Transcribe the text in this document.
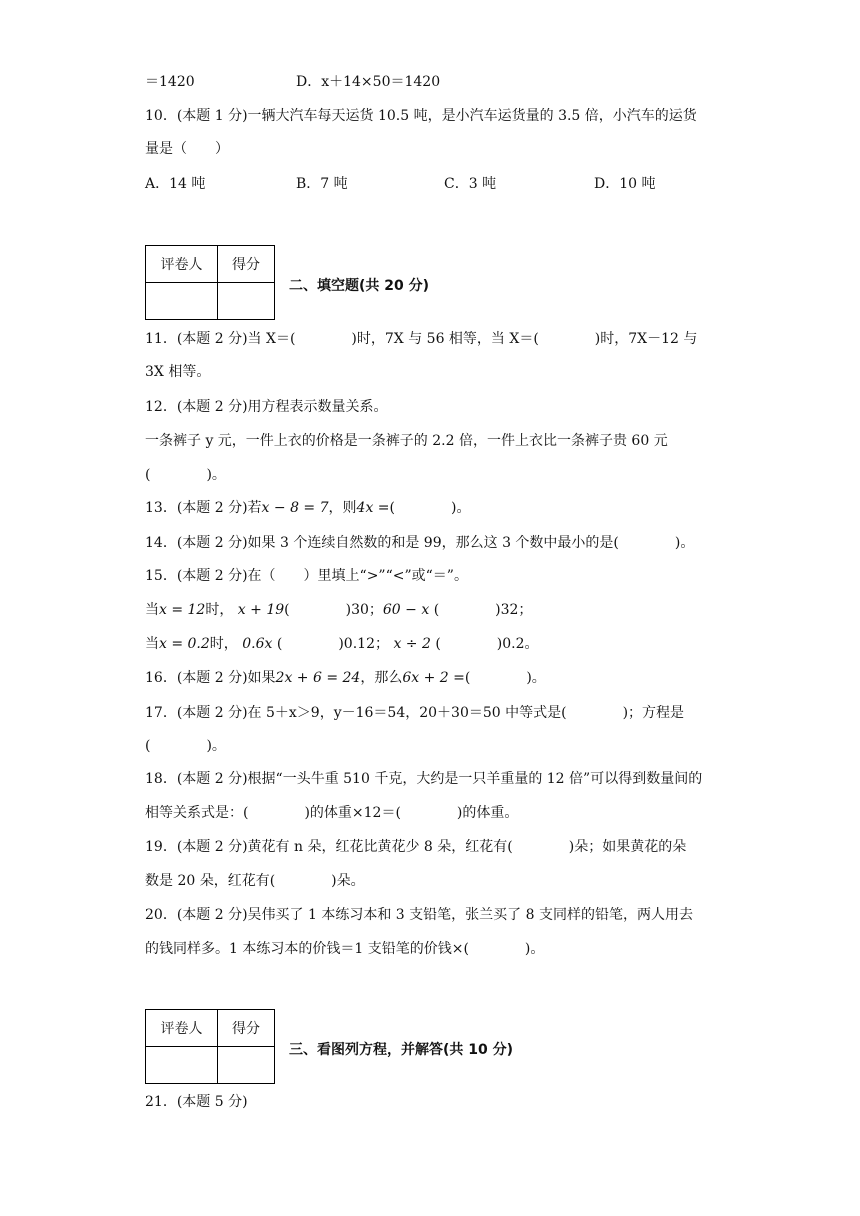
＝1420	D．x＋14×50＝1420
10．(本题 1 分)一辆大汽车每天运货 10.5 吨，是小汽车运货量的 3.5 倍，小汽车的运货
量是（　　）
A．14 吨	B．7 吨	C．3 吨	D．10 吨
评卷人	得分

二、填空题(共 20 分)
11．(本题 2 分)当 X＝(　　　　)时，7X 与 56 相等，当 X＝(　　　　)时，7X－12 与
3X 相等。
12．(本题 2 分)用方程表示数量关系。
一条裤子 y 元，一件上衣的价格是一条裤子的 2.2 倍，一件上衣比一条裤子贵 60 元
(　　　　)。
13．(本题 2 分)若x − 8 = 7，则4x =(　　　　)。
14．(本题 2 分)如果 3 个连续自然数的和是 99，那么这 3 个数中最小的是(　　　　)。
15．(本题 2 分)在（　　）里填上“>”“<”或“＝”。
当x = 12时， x + 19(　　　　)30；60 − x (　　　　)32；
当x = 0.2时， 0.6x (　　　　)0.12； x ÷ 2 (　　　　)0.2。
16．(本题 2 分)如果2x + 6 = 24，那么6x + 2 =(　　　　)。
17．(本题 2 分)在 5＋x＞9，y－16＝54，20＋30＝50 中等式是(　　　　)；方程是
(　　　　)。
18．(本题 2 分)根据“一头牛重 510 千克，大约是一只羊重量的 12 倍”可以得到数量间的
相等关系式是：(　　　　)的体重×12＝(　　　　)的体重。
19．(本题 2 分)黄花有 n 朵，红花比黄花少 8 朵，红花有(　　　　)朵；如果黄花的朵
数是 20 朵，红花有(　　　　)朵。
20．(本题 2 分)吴伟买了 1 本练习本和 3 支铅笔，张兰买了 8 支同样的铅笔，两人用去
的钱同样多。1 本练习本的价钱＝1 支铅笔的价钱×(　　　　)。
评卷人	得分

三、看图列方程，并解答(共 10 分)
21．(本题 5 分)
